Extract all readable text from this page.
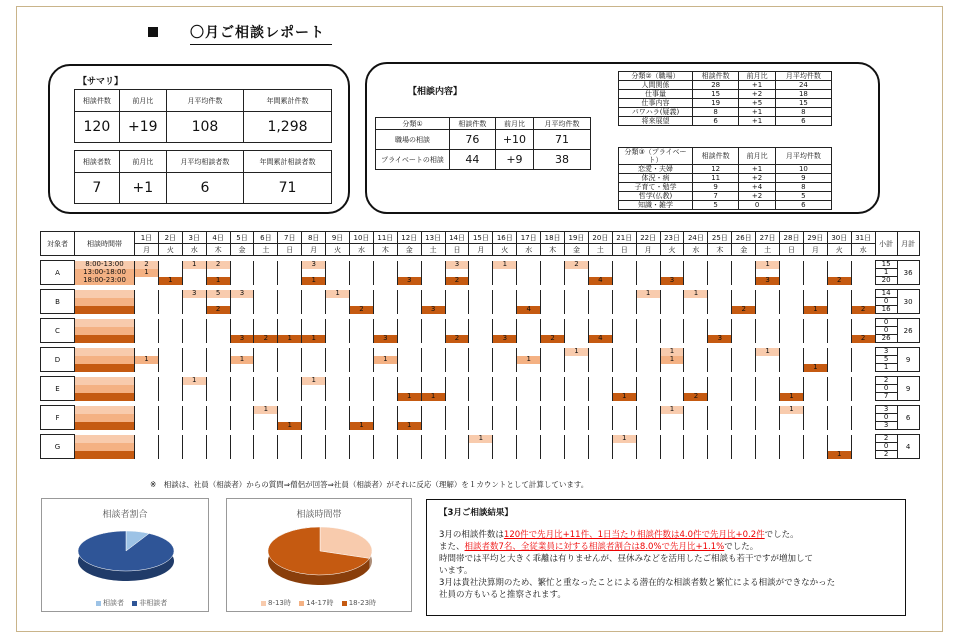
〇月ご相談レポート
【サマリ】
相談件数	前月比	月平均件数	年間累計件数
120	+19	108	1,298

相談者数	前月比	月平均相談者数	年間累計相談者数
7	+1	6	71
【相談内容】
分類①	相談件数	前月比	月平均件数
職場の相談	76	+10	71
プライベートの相談	44	+9	38
分類②（職場）	相談件数	前月比	月平均件数
人間関係	28	+1	24
仕事量	15	+2	18
仕事内容	19	+5	15
パワハラ(疑義)	8	+1	8
将来展望	6	+1	6
分類③（プライベート）	相談件数	前月比	月平均件数
恋愛・夫婦	12	+1	10
体況・病	11	+2	9
子育て・勉学	9	+4	8
哲学(仏教)	7	+2	5
知識・雑学	5	0	6
対象者	相談時間帯	1日	2日	3日	4日	5日	6日	7日	8日	9日	10日	11日	12日	13日	14日	15日	16日	17日	18日	19日	20日	21日	22日	23日	24日	25日	26日	27日	28日	29日	30日	31日	小計	月計
		月	火	水	木	金	土	日	月	火	水	木	金	土	日	月	火	水	木	金	土	日	月	火	水	木	金	土	日	月	火	水		

A	8:00-13:00	2		1	2				3						3		1			2								1					15	36
	13:00-18:00	1																															1	
	18:00-23:00		1		1				1				3		2						4			3				3			2		20	

B				3	5	3				1													1		1								14	30
																																	0	
					2						2			3				4									2			1		2	16	

C																																	0	26
																																	0	
						3	2	1	1			3			2		3		2		4					3						2	26	

D																				1				1				1					3	9
		1				1						1						1						1									5	
																														1			1	

E				1					1																								2	9
																																	0	
													1	1								1			2				1				7	

F							1																	1					1				3	6
																																	0	
								1			1		1																				3	

G																1						1											2	4
																																	0	
																															1		2	
※　相談は、社員（相談者）からの質問⇒僧侶が回答⇒社員（相談者）がそれに反応（理解）を１カウントとして計算しています。
相談者割合
相談者 非相談者
相談時間帯
8-13時 14-17時 18-23時
【3月ご相談結果】
3月の相談件数は120件で先月比+11件、1日当たり相談件数は4.0件で先月比+0.2件でした。
また、相談者数7名、全従業員に対する相談者割合は8.0%で先月比+1.1%でした。
時間帯では平均と大きく乖離は有りませんが、昼休みなどを活用したご相談も若干ですが増加して
います。
3月は貴社決算期のため、繁忙と重なったことによる潜在的な相談者数と繁忙による相談ができなかった
社員の方もいると推察されます。
